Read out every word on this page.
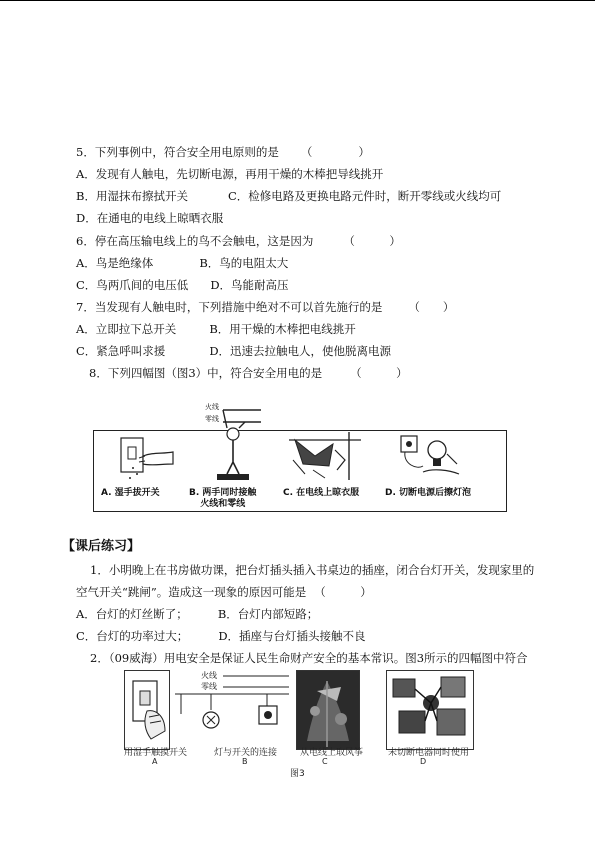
5．下列事例中，符合安全用电原则的是 （　　　　）
A．发现有人触电，先切断电源，再用干燥的木棒把导线挑开
B．用湿抹布擦拭开关	C．检修电路及更换电路元件时，断开零线或火线均可
D．在通电的电线上晾晒衣服
6．停在高压输电线上的鸟不会触电，这是因为	（　　　）
A．鸟是绝缘体	B．鸟的电阻太大
C．鸟两爪间的电压低 D．鸟能耐高压
7．当发现有人触电时，下列措施中绝对不可以首先施行的是 （　　）
A．立即拉下总开关	B．用干燥的木棒把电线挑开
C．紧急呼叫求援	D．迅速去拉触电人，使他脱离电源
8．下列四幅图（图3）中，符合安全用电的是 （　　　）
火线
零线
A. 湿手拔开关	B. 两手同时接触
火线和零线
C. 在电线上晾衣服	D. 切断电源后擦灯泡
【课后练习】
1．小明晚上在书房做功课，把台灯插头插入书桌边的插座，闭合台灯开关，发现家里的
空气开关“跳闸”。造成这一现象的原因可能是 （　　　）
A．台灯的灯丝断了；	B．台灯内部短路；
C．台灯的功率过大；	D．插座与台灯插头接触不良
2．（09威海）用电安全是保证人民生命财产安全的基本常识。图3所示的四幅图中符合
火线
零线
用湿手触摸开关	灯与开关的连接	从电线上取风筝	未切断电器同时使用
A	B	C	D
图3
